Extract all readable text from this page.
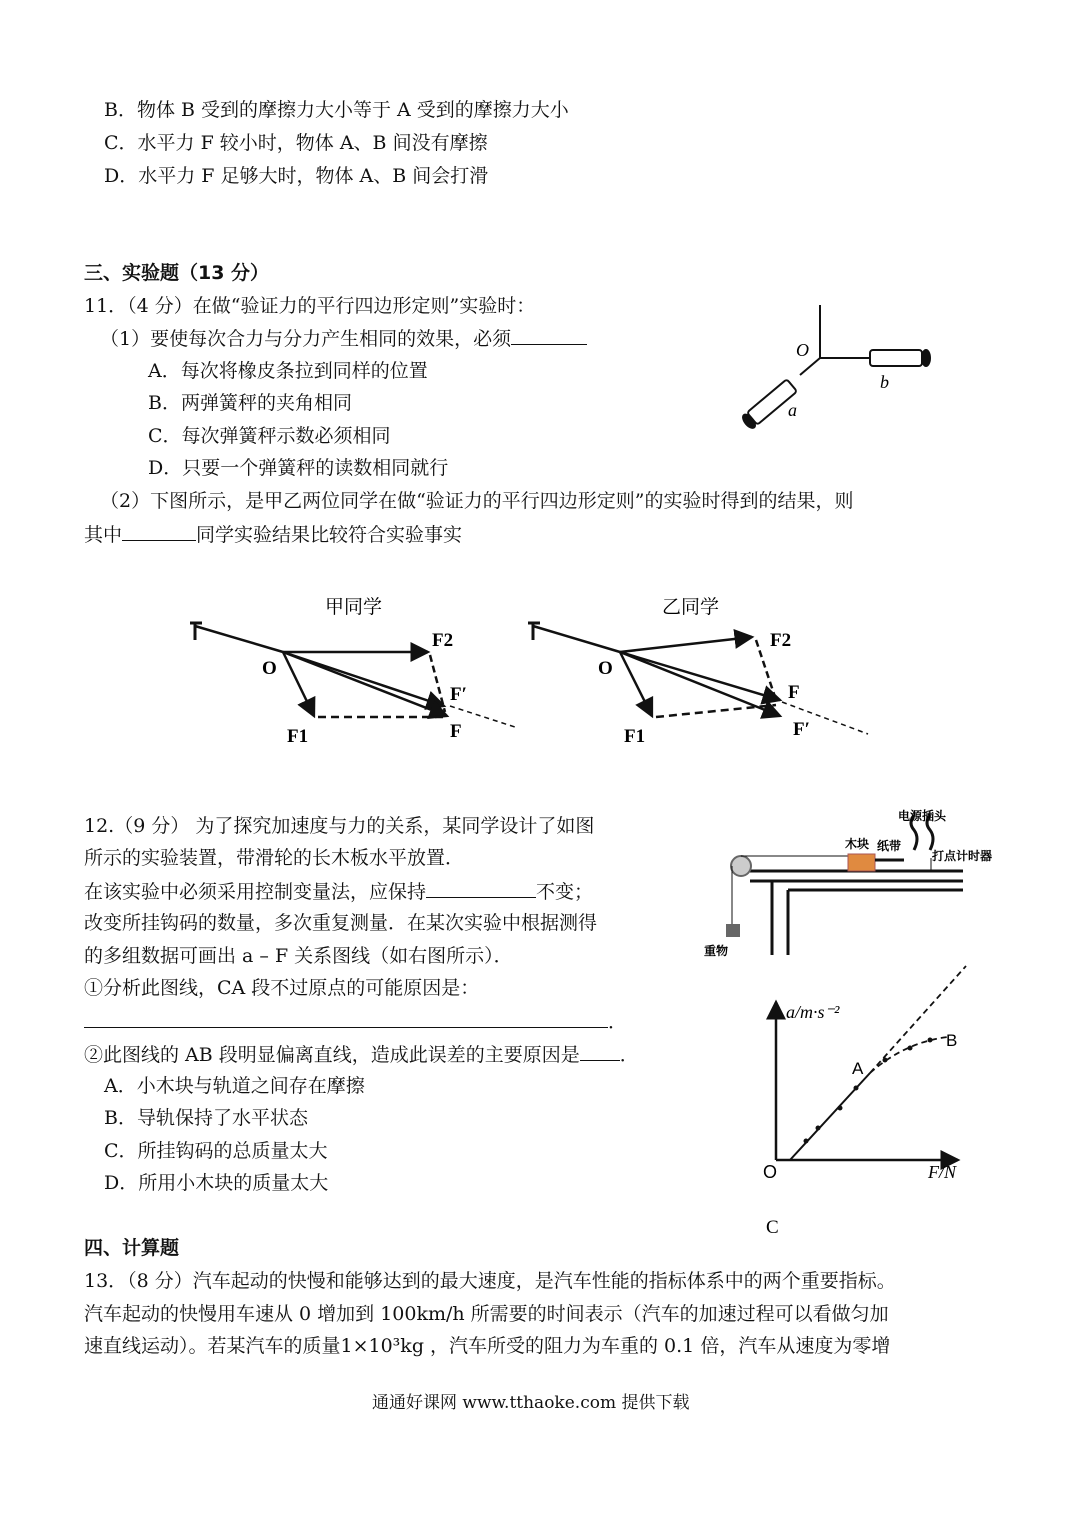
B．物体 B 受到的摩擦力大小等于 A 受到的摩擦力大小
C．水平力 F 较小时，物体 A、B 间没有摩擦
D．水平力 F 足够大时，物体 A、B 间会打滑
三、实验题（13 分）
11．（4 分）在做“验证力的平行四边形定则”实验时：
（1）要使每次合力与分力产生相同的效果，必须
A．每次将橡皮条拉到同样的位置
B．两弹簧秤的夹角相同
C．每次弹簧秤示数必须相同
D．只要一个弹簧秤的读数相同就行
（2）下图所示，是甲乙两位同学在做“验证力的平行四边形定则”的实验时得到的结果，则
其中	同学实验结果比较符合实验事实
O
b
a
甲同学
O
F2
F′
F1	F
乙同学
O
F2
F
F1	F′
电源插头
木块 纸带
打点计时器
重物
a/m·s⁻²
F/N
O
A
B
C
12.（9 分） 为了探究加速度与力的关系，某同学设计了如图
所示的实验装置，带滑轮的长木板水平放置．
在该实验中必须采用控制变量法，应保持	不变；
改变所挂钩码的数量，多次重复测量．在某次实验中根据测得
的多组数据可画出 a – F 关系图线（如右图所示）．
①分析此图线，CA 段不过原点的可能原因是：
．
②此图线的 AB 段明显偏离直线，造成此误差的主要原因是 ．
A．小木块与轨道之间存在摩擦
B．导轨保持了水平状态
C．所挂钩码的总质量太大
D．所用小木块的质量太大
四、计算题
13．（8 分）汽车起动的快慢和能够达到的最大速度，是汽车性能的指标体系中的两个重要指标。
汽车起动的快慢用车速从 0 增加到 100km/h 所需要的时间表示（汽车的加速过程可以看做匀加
速直线运动）。若某汽车的质量1×10³kg ，汽车所受的阻力为车重的 0.1 倍，汽车从速度为零增
通通好课网 www.tthaoke.com 提供下载
